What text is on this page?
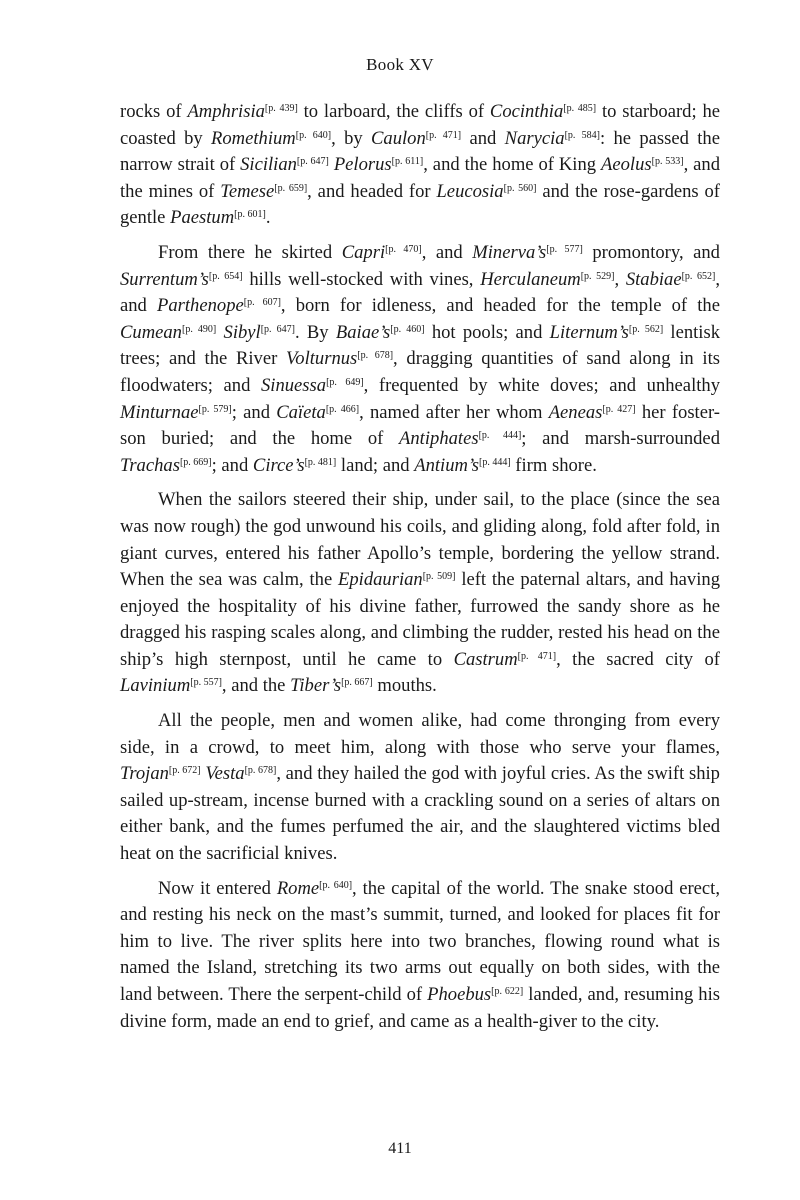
Book XV

rocks of Amphrisia[p. 439] to larboard, the cliffs of Cocinthia[p. 485] to starboard; he coasted by Romethium[p. 640], by Caulon[p. 471] and Narycia[p. 584]: he passed the narrow strait of Sicilian[p. 647] Pelorus[p. 611], and the home of King Aeolus[p. 533], and the mines of Temese[p. 659], and headed for Leucosia[p. 560] and the rose-gardens of gentle Paestum[p. 601].

From there he skirted Capri[p. 470], and Minerva’s[p. 577] promontory, and Surrentum’s[p. 654] hills well-stocked with vines, Herculaneum[p. 529], Stabiae[p. 652], and Parthenope[p. 607], born for idleness, and headed for the temple of the Cumean[p. 490] Sibyl[p. 647]. By Baiae’s[p. 460] hot pools; and Liternum’s[p. 562] lentisk trees; and the River Volturnus[p. 678], dragging quantities of sand along in its floodwaters; and Sinuessa[p. 649], frequented by white doves; and unhealthy Minturnae[p. 579]; and Caïeta[p. 466], named after her whom Aeneas[p. 427] her foster-son buried; and the home of Antiphates[p. 444]; and marsh-surrounded Trachas[p. 669]; and Circe’s[p. 481] land; and Antium’s[p. 444] firm shore.

When the sailors steered their ship, under sail, to the place (since the sea was now rough) the god unwound his coils, and gliding along, fold after fold, in giant curves, entered his father Apollo’s temple, bordering the yellow strand. When the sea was calm, the Epidaurian[p. 509] left the paternal altars, and having enjoyed the hospitality of his divine father, furrowed the sandy shore as he dragged his rasping scales along, and climbing the rudder, rested his head on the ship’s high sternpost, until he came to Castrum[p. 471], the sacred city of Lavinium[p. 557], and the Tiber’s[p. 667] mouths.

All the people, men and women alike, had come thronging from every side, in a crowd, to meet him, along with those who serve your flames, Trojan[p. 672] Vesta[p. 678], and they hailed the god with joyful cries. As the swift ship sailed up-stream, incense burned with a crackling sound on a series of altars on either bank, and the fumes perfumed the air, and the slaughtered victims bled heat on the sacrificial knives.

Now it entered Rome[p. 640], the capital of the world. The snake stood erect, and resting his neck on the mast’s summit, turned, and looked for places fit for him to live. The river splits here into two branches, flowing round what is named the Island, stretching its two arms out equally on both sides, with the land between. There the serpent-child of Phoebus[p. 622] landed, and, resuming his divine form, made an end to grief, and came as a health-giver to the city.

411
